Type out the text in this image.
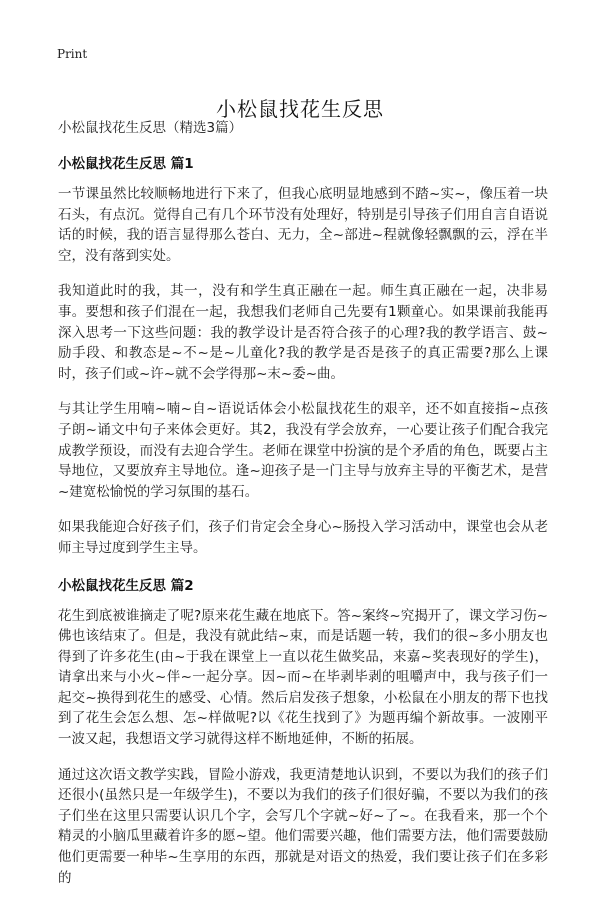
Print
小松鼠找花生反思

小松鼠找花生反思（精选3篇）

小松鼠找花生反思 篇1

一节课虽然比较顺畅地进行下来了，但我心底明显地感到不踏~实~，像压着一块石头，有点沉。觉得自己有几个环节没有处理好，特别是引导孩子们用自言自语说话的时候，我的语言显得那么苍白、无力，全~部进~程就像轻飘飘的云，浮在半空，没有落到实处。

我知道此时的我，其一，没有和学生真正融在一起。师生真正融在一起，决非易事。要想和孩子们混在一起，我想我们老师自己先要有1颗童心。如果课前我能再深入思考一下这些问题：我的教学设计是否符合孩子的心理?我的教学语言、鼓~励手段、和教态是~不~是~儿童化?我的教学是否是孩子的真正需要?那么上课时，孩子们或~许~就不会学得那~末~委~曲。

与其让学生用喃~喃~自~语说话体会小松鼠找花生的艰辛，还不如直接指~点孩子朗~诵文中句子来体会更好。其2，我没有学会放弃，一心要让孩子们配合我完成教学预设，而没有去迎合学生。老师在课堂中扮演的是个矛盾的角色，既要占主导地位，又要放弃主导地位。逢~迎孩子是一门主导与放弃主导的平衡艺术，是营~建宽松愉悦的学习氛围的基石。

如果我能迎合好孩子们，孩子们肯定会全身心~肠投入学习活动中，课堂也会从老师主导过度到学生主导。

小松鼠找花生反思 篇2

花生到底被谁摘走了呢?原来花生藏在地底下。答~案终~究揭开了，课文学习伤~佛也该结束了。但是，我没有就此结~束，而是话题一转，我们的很~多小朋友也得到了许多花生(由~于我在课堂上一直以花生做奖品，来嘉~奖表现好的学生)，请拿出来与小火~伴~一起分享。因~而~在毕剥毕剥的咀嚼声中，我与孩子们一起交~换得到花生的感受、心情。然后启发孩子想象，小松鼠在小朋友的帮下也找到了花生会怎么想、怎~样做呢?以《花生找到了》为题再编个新故事。一波刚平一波又起，我想语文学习就得这样不断地延伸，不断的拓展。

通过这次语文教学实践，冒险小游戏，我更清楚地认识到，不要以为我们的孩子们还很小(虽然只是一年级学生)，不要以为我们的孩子们很好骗，不要以为我们的孩子们坐在这里只需要认识几个字，会写几个字就~好~了~。在我看来，那一个个精灵的小脑瓜里藏着许多的愿~望。他们需要兴趣，他们需要方法，他们需要鼓励他们更需要一种毕~生享用的东西，那就是对语文的热爱，我们要让孩子们在多彩的
